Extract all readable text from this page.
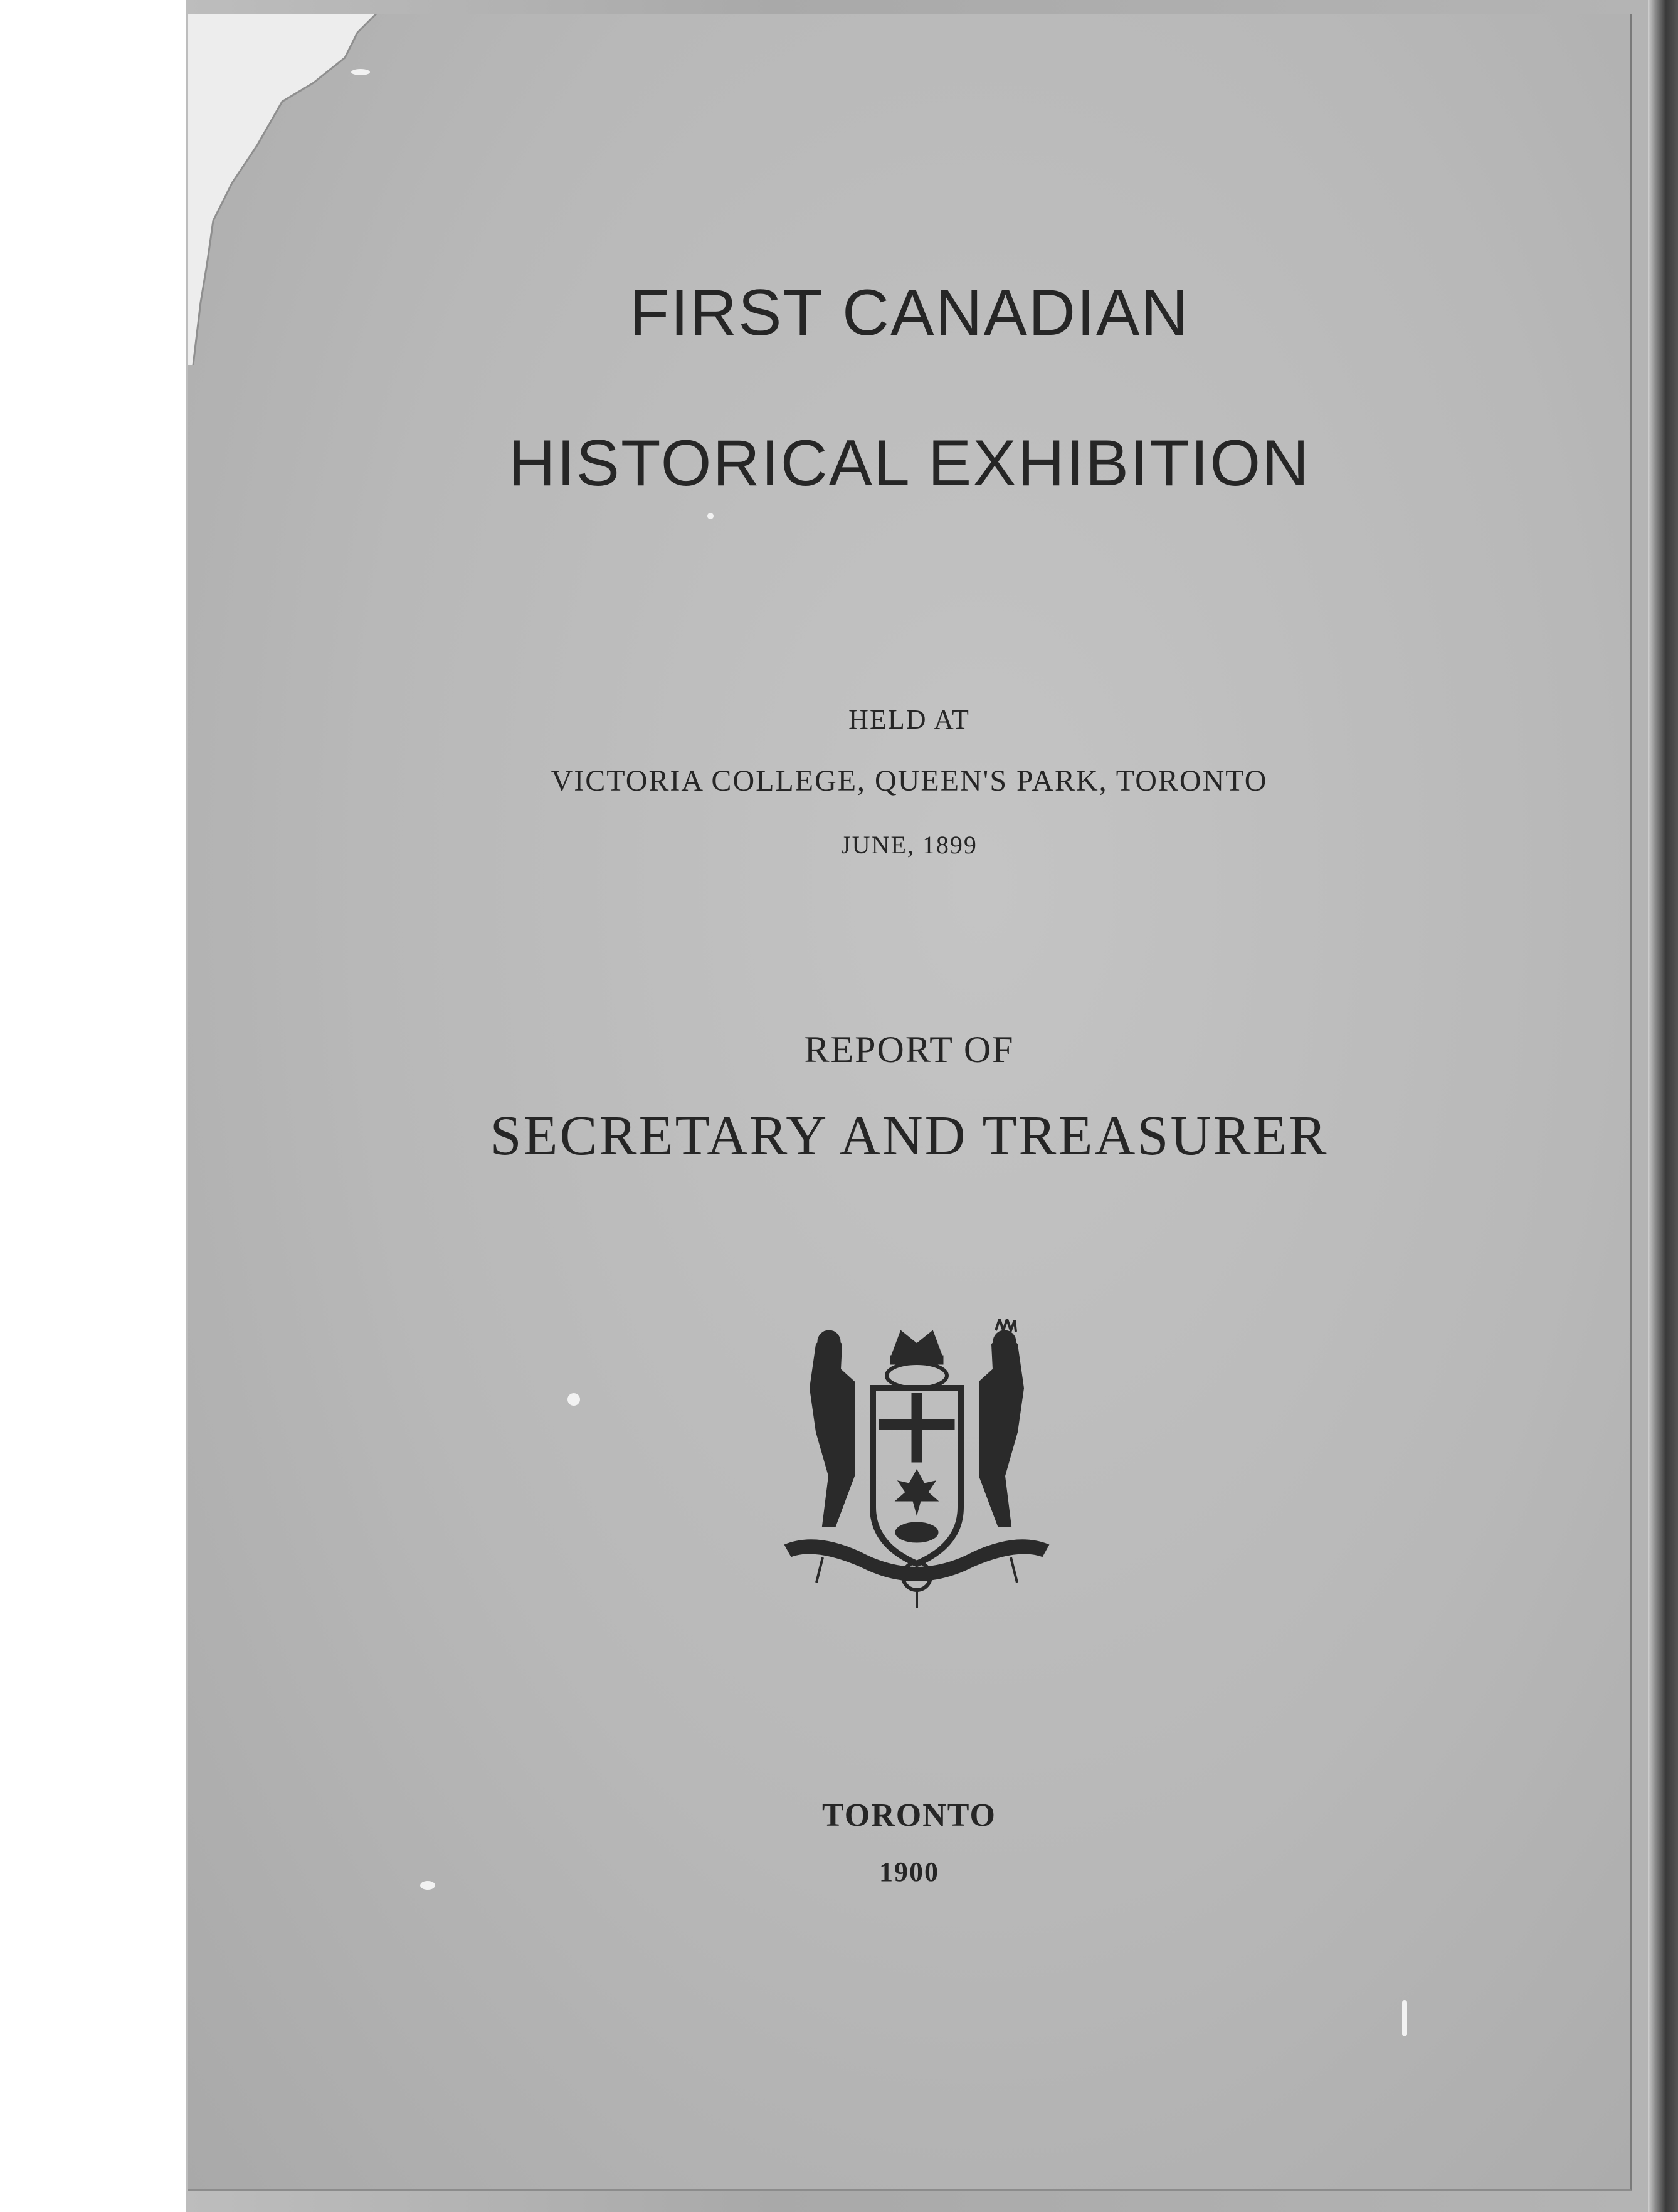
FIRST CANADIAN
HISTORICAL EXHIBITION
HELD AT
VICTORIA COLLEGE, QUEEN'S PARK, TORONTO
JUNE, 1899
REPORT OF
SECRETARY AND TREASURER
TORONTO
1900
